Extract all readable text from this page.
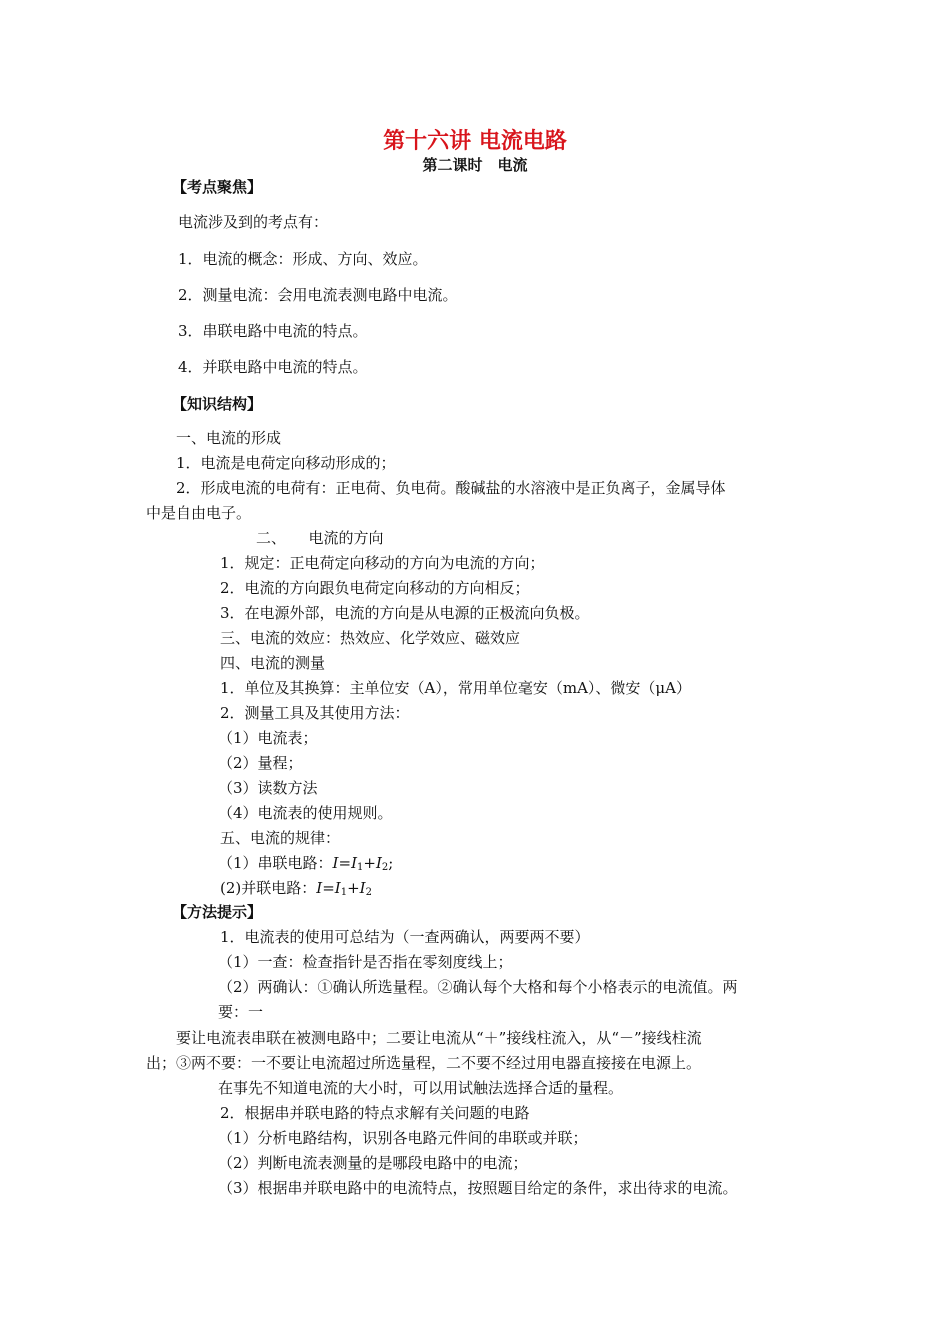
第十六讲 电流电路
第二课时　电流
【考点聚焦】
电流涉及到的考点有：
1．电流的概念：形成、方向、效应。
2．测量电流：会用电流表测电路中电流。
3．串联电路中电流的特点。
4．并联电路中电流的特点。
【知识结构】
一、电流的形成
1．电流是电荷定向移动形成的；
2．形成电流的电荷有：正电荷、负电荷。酸碱盐的水溶液中是正负离子，金属导体
中是自由电子。
二、　　电流的方向
1．规定：正电荷定向移动的方向为电流的方向；
2．电流的方向跟负电荷定向移动的方向相反；
3．在电源外部，电流的方向是从电源的正极流向负极。
三、电流的效应：热效应、化学效应、磁效应
四、电流的测量
1．单位及其换算：主单位安（A），常用单位毫安（mA）、微安（μA）
2．测量工具及其使用方法：
（1）电流表；
（2）量程；
（3）读数方法
（4）电流表的使用规则。
五、电流的规律：
（1）串联电路：$I=I_1+I_2$;
(2)并联电路：$I=I_1+I_2$
【方法提示】
1．电流表的使用可总结为（一查两确认，两要两不要）
（1）一查：检查指针是否指在零刻度线上；
（2）两确认：①确认所选量程。②确认每个大格和每个小格表示的电流值。两
要：一
要让电流表串联在被测电路中；二要让电流从“＋”接线柱流入，从“－”接线柱流
出；③两不要：一不要让电流超过所选量程，二不要不经过用电器直接接在电源上。
在事先不知道电流的大小时，可以用试触法选择合适的量程。
2．根据串并联电路的特点求解有关问题的电路
（1）分析电路结构，识别各电路元件间的串联或并联；
（2）判断电流表测量的是哪段电路中的电流；
（3）根据串并联电路中的电流特点，按照题目给定的条件，求出待求的电流。
